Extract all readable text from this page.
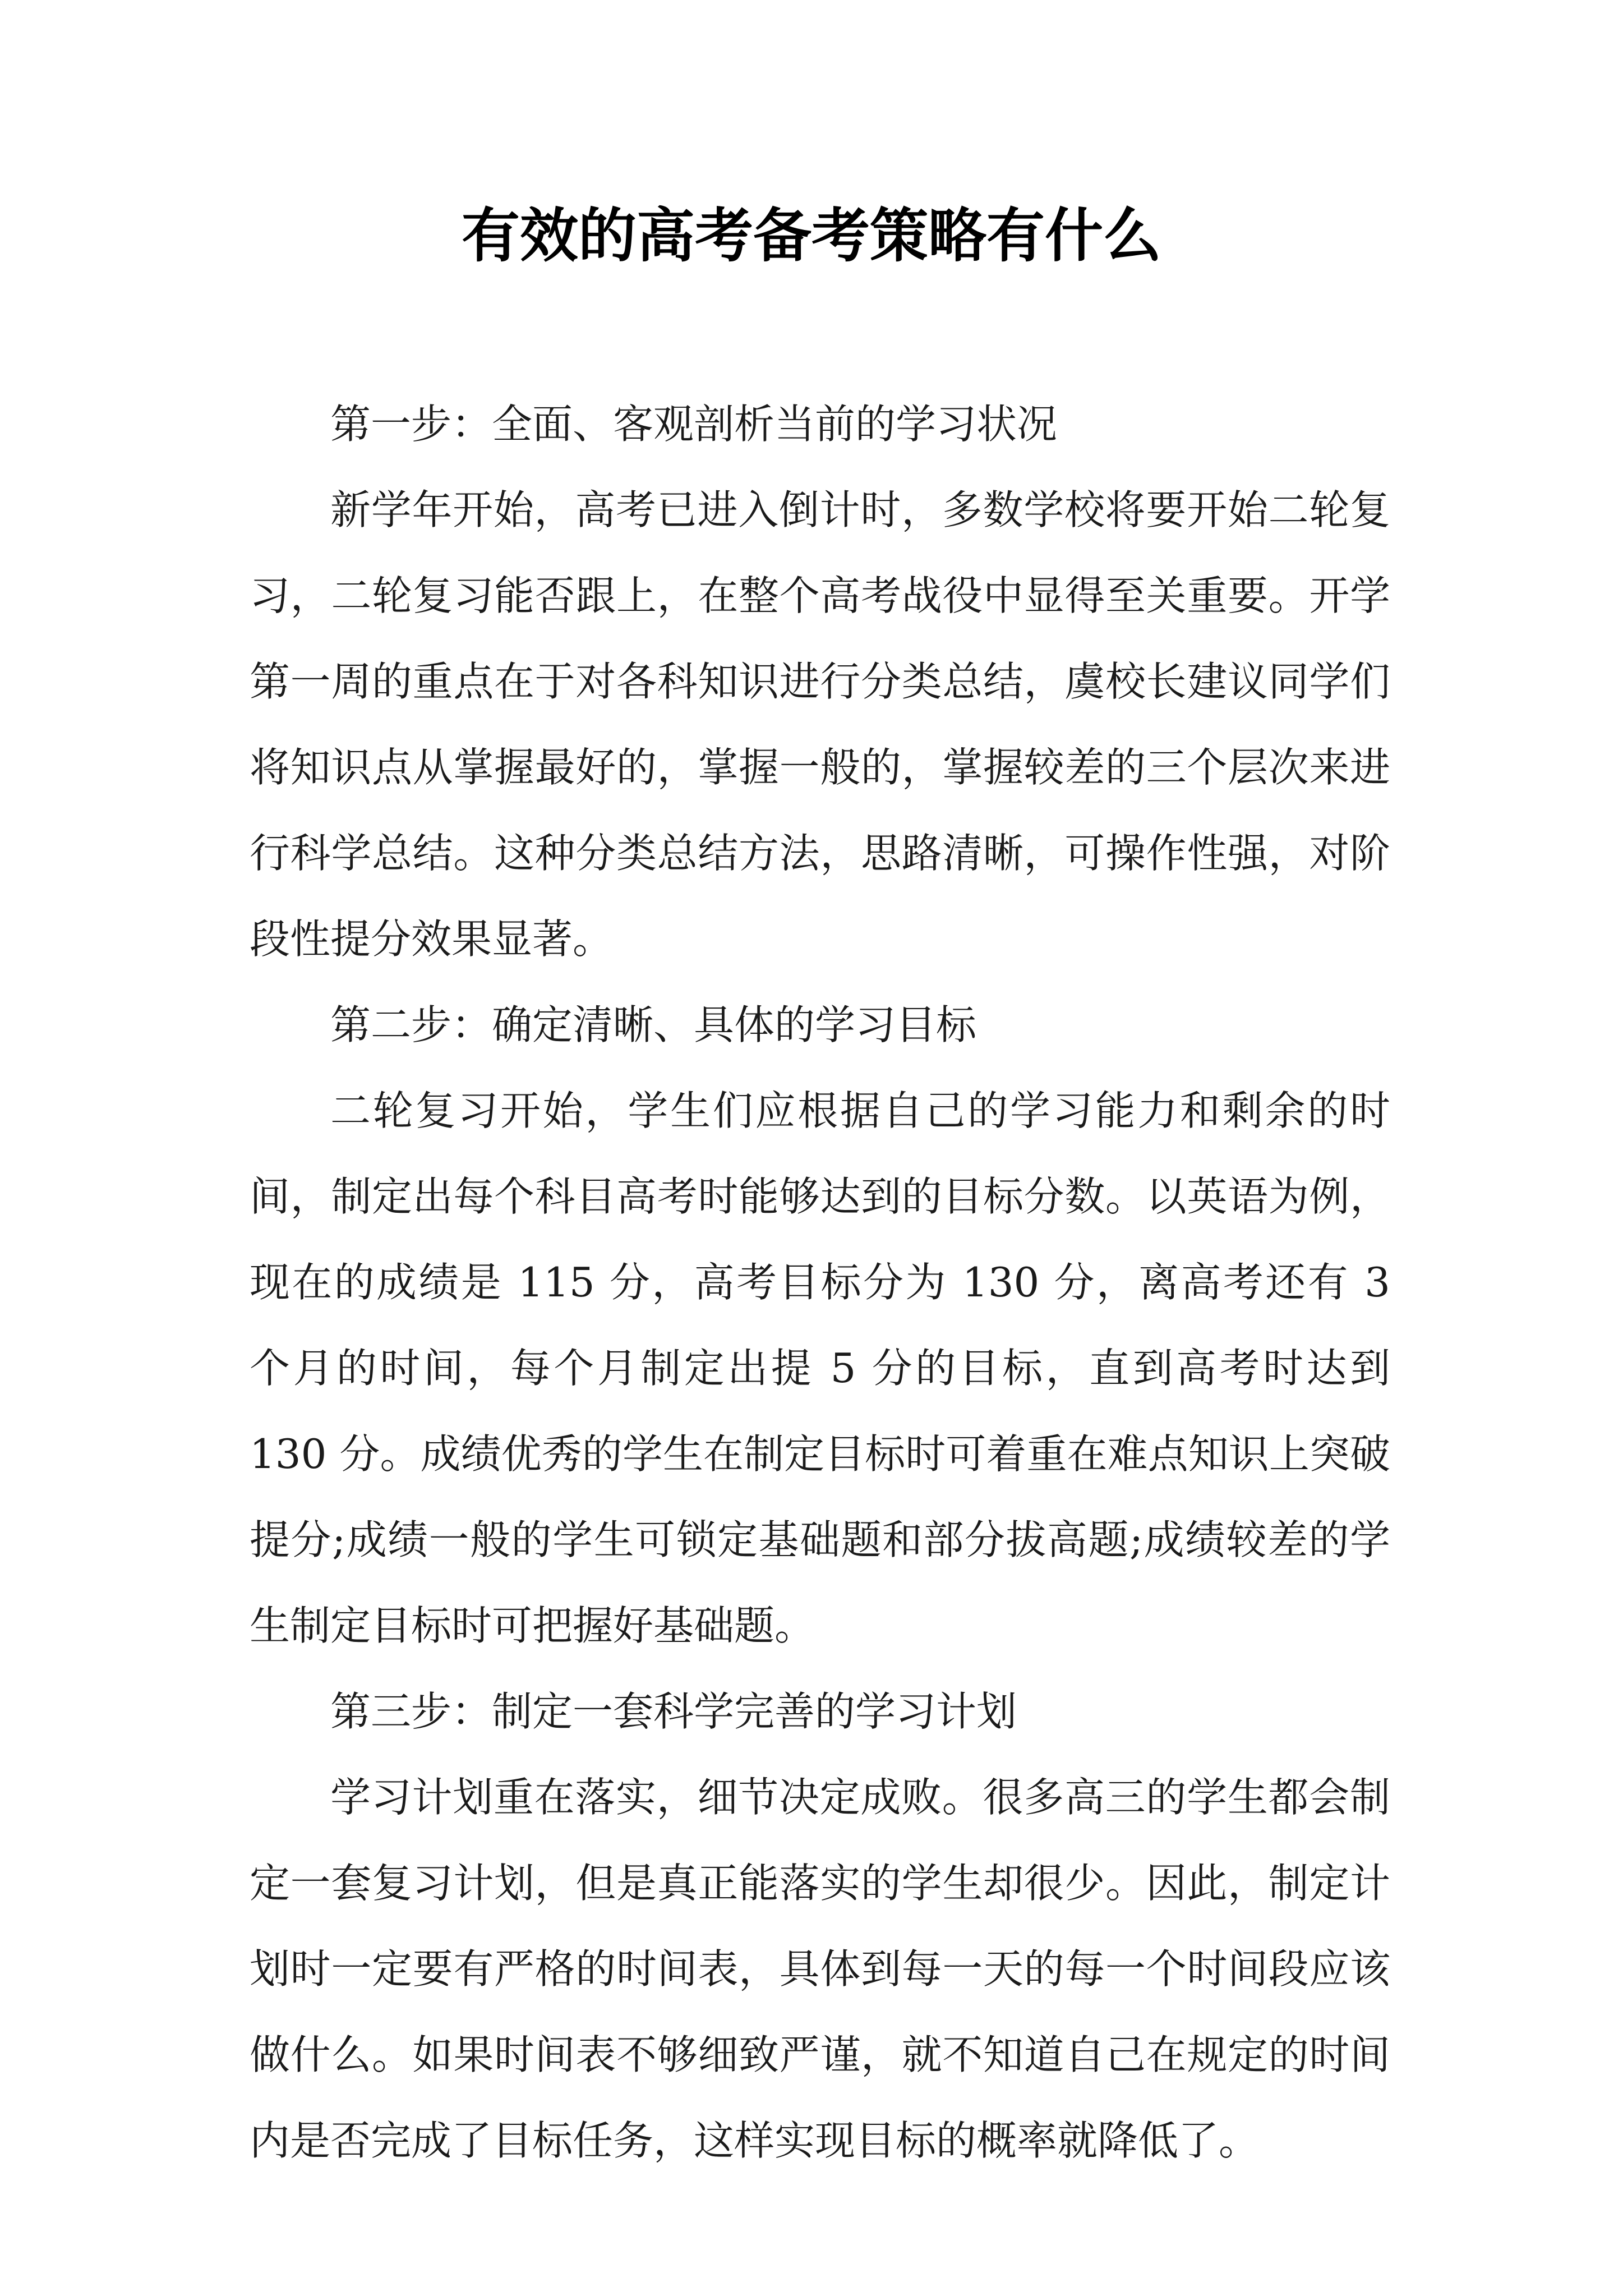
有效的高考备考策略有什么

第一步：全面、客观剖析当前的学习状况

新学年开始，高考已进入倒计时，多数学校将要开始二轮复习，二轮复习能否跟上，在整个高考战役中显得至关重要。开学第一周的重点在于对各科知识进行分类总结，虞校长建议同学们将知识点从掌握最好的，掌握一般的，掌握较差的三个层次来进行科学总结。这种分类总结方法，思路清晰，可操作性强，对阶段性提分效果显著。

第二步：确定清晰、具体的学习目标

二轮复习开始，学生们应根据自己的学习能力和剩余的时间，制定出每个科目高考时能够达到的目标分数。以英语为例，现在的成绩是 115 分，高考目标分为 130 分，离高考还有 3 个月的时间，每个月制定出提 5 分的目标，直到高考时达到 130 分。成绩优秀的学生在制定目标时可着重在难点知识上突破提分;成绩一般的学生可锁定基础题和部分拔高题;成绩较差的学生制定目标时可把握好基础题。

第三步：制定一套科学完善的学习计划

学习计划重在落实，细节决定成败。很多高三的学生都会制定一套复习计划，但是真正能落实的学生却很少。因此，制定计划时一定要有严格的时间表，具体到每一天的每一个时间段应该做什么。如果时间表不够细致严谨，就不知道自己在规定的时间内是否完成了目标任务，这样实现目标的概率就降低了。
